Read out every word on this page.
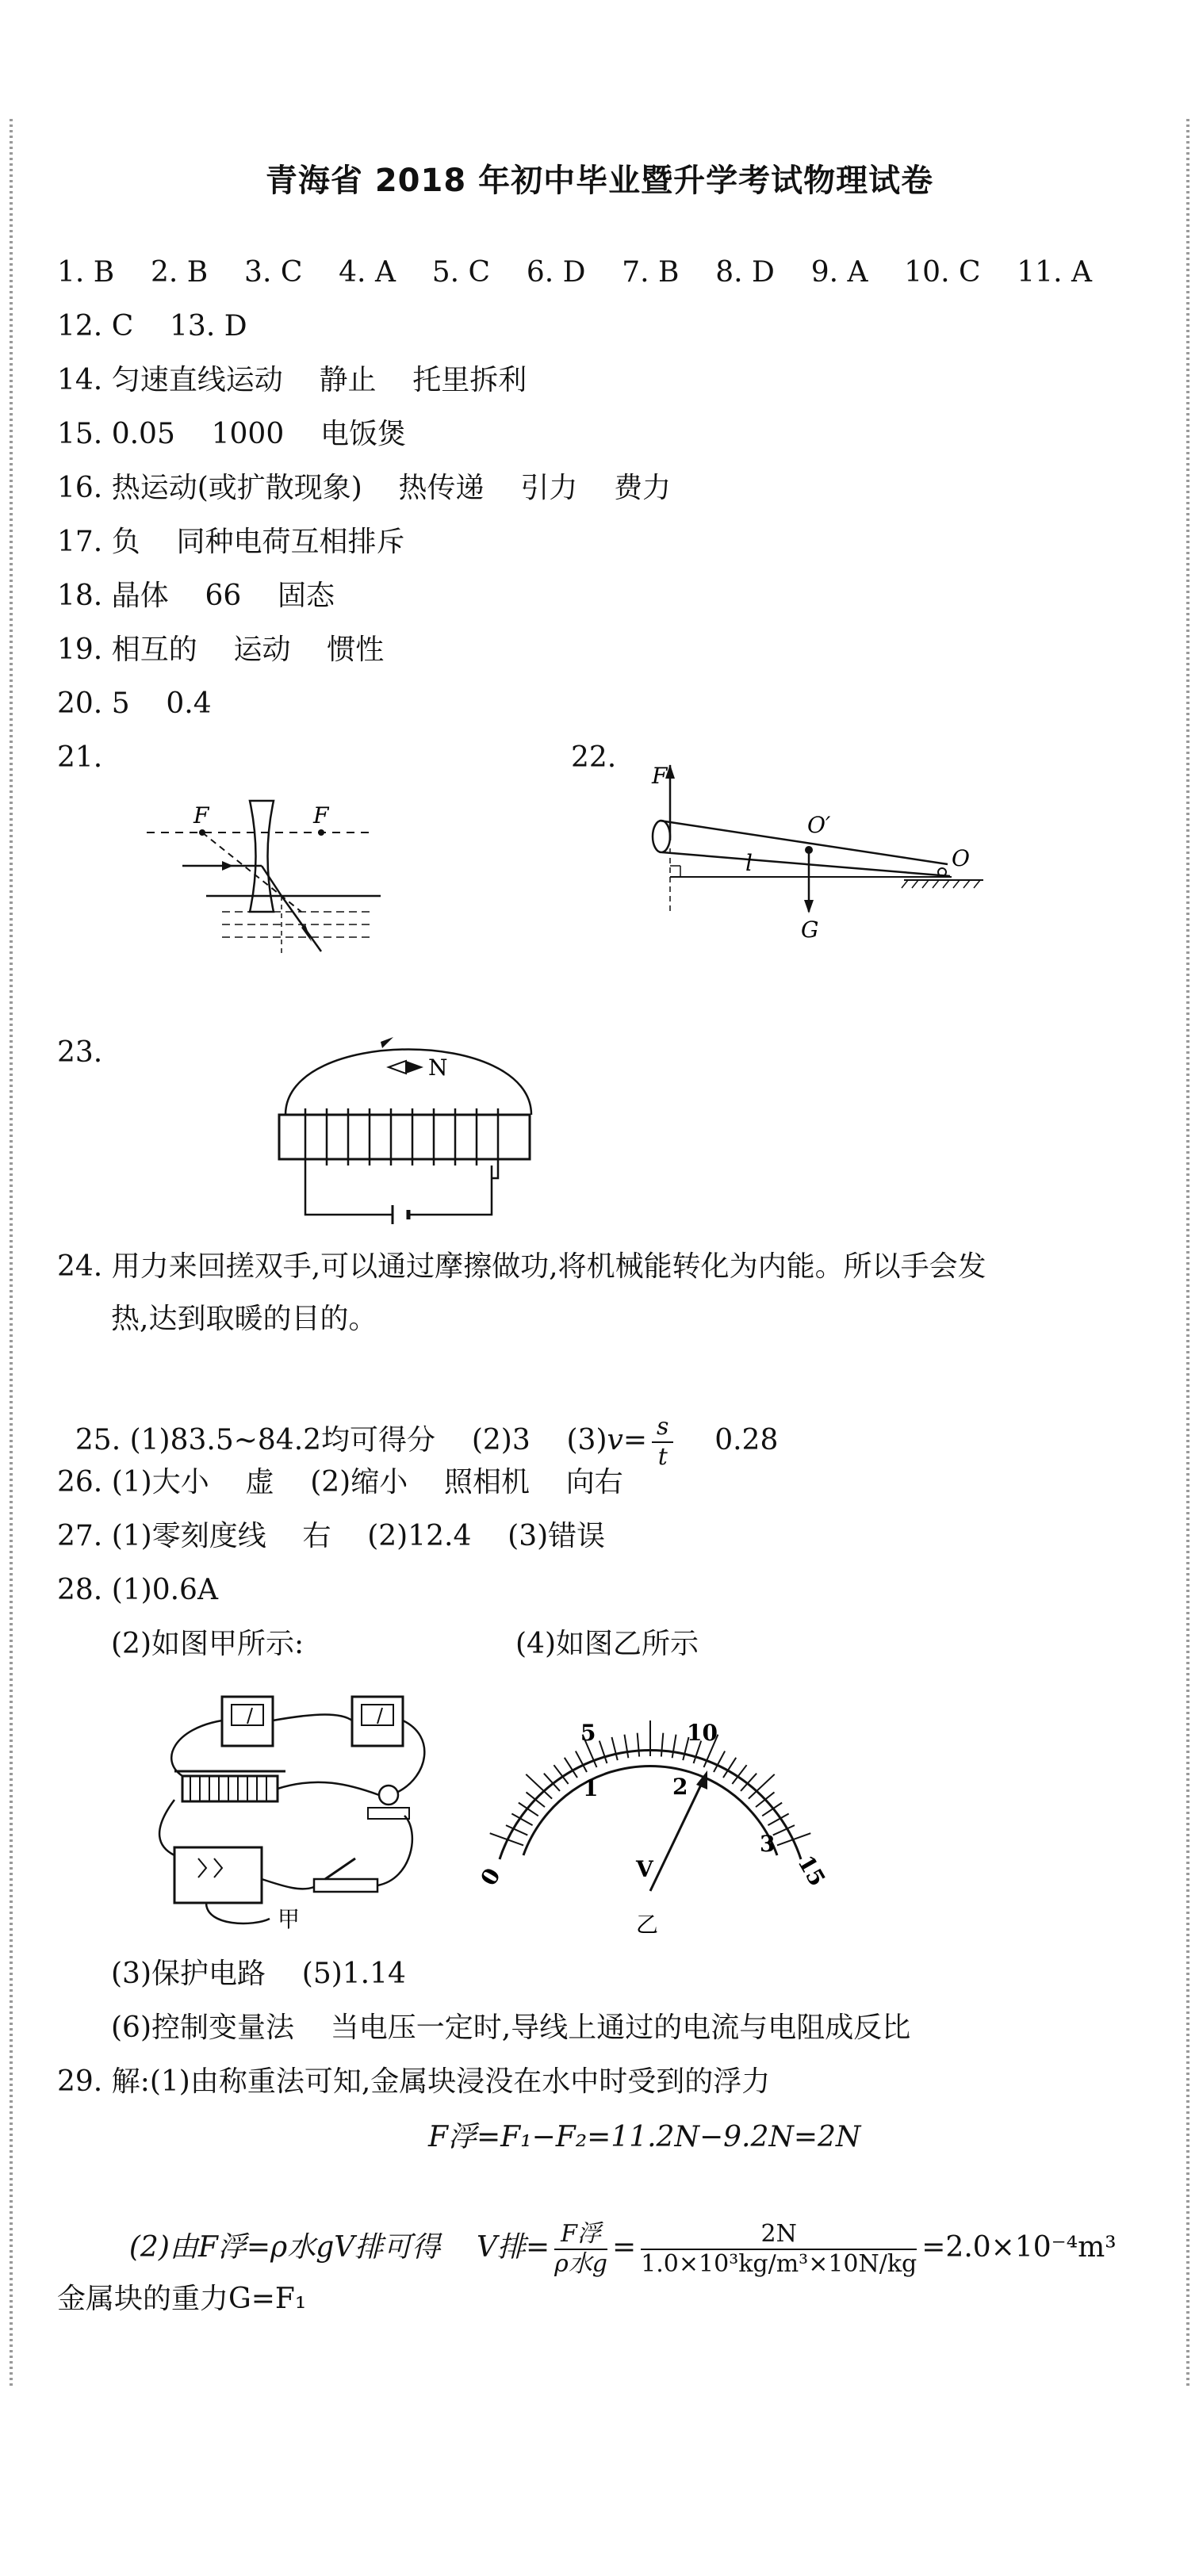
青海省 2018 年初中毕业暨升学考试物理试卷
1. B    2. B    3. C    4. A    5. C    6. D    7. B    8. D    9. A    10. C    11. A
12. C    13. D
14. 匀速直线运动    静止    托里拆利
15. 0.05    1000    电饭煲
16. 热运动(或扩散现象)    热传递    引力    费力
17. 负    同种电荷互相排斥
18. 晶体    66    固态
19. 相互的    运动    惯性
20. 5    0.4
21.	22.
F	F
F
l
O′
G
O
23.	N
24. 用力来回搓双手,可以通过摩擦做功,将机械能转化为内能。所以手会发
热,达到取暖的目的。

25. (1)83.5~84.2均可得分    (2)3    $(3)v= \frac{s}{t} 0.28$

26. (1)大小    虚    (2)缩小    照相机    向右
27. (1)零刻度线    右    (2)12.4    (3)错误
28. (1)0.6A
(2)如图甲所示:	(4)如图乙所示
甲
V
5	10
0
1	2
3
15
乙
(3)保护电路    (5)1.14
(6)控制变量法    当电压一定时,导线上通过的电流与电阻成反比
29. 解:(1)由称重法可知,金属块浸没在水中时受到的浮力
F浮=F₁−F₂=11.2N−9.2N=2N

(2)由F浮=ρ水gV排可得    V排= $\frac{\text{F浮}}{\text{ρ水g}} = \frac{2N}{\text{1.0×10³kg/m³×10N/kg}} =2.0\times 10^{-4}m^3$

金属块的重力G=F₁
